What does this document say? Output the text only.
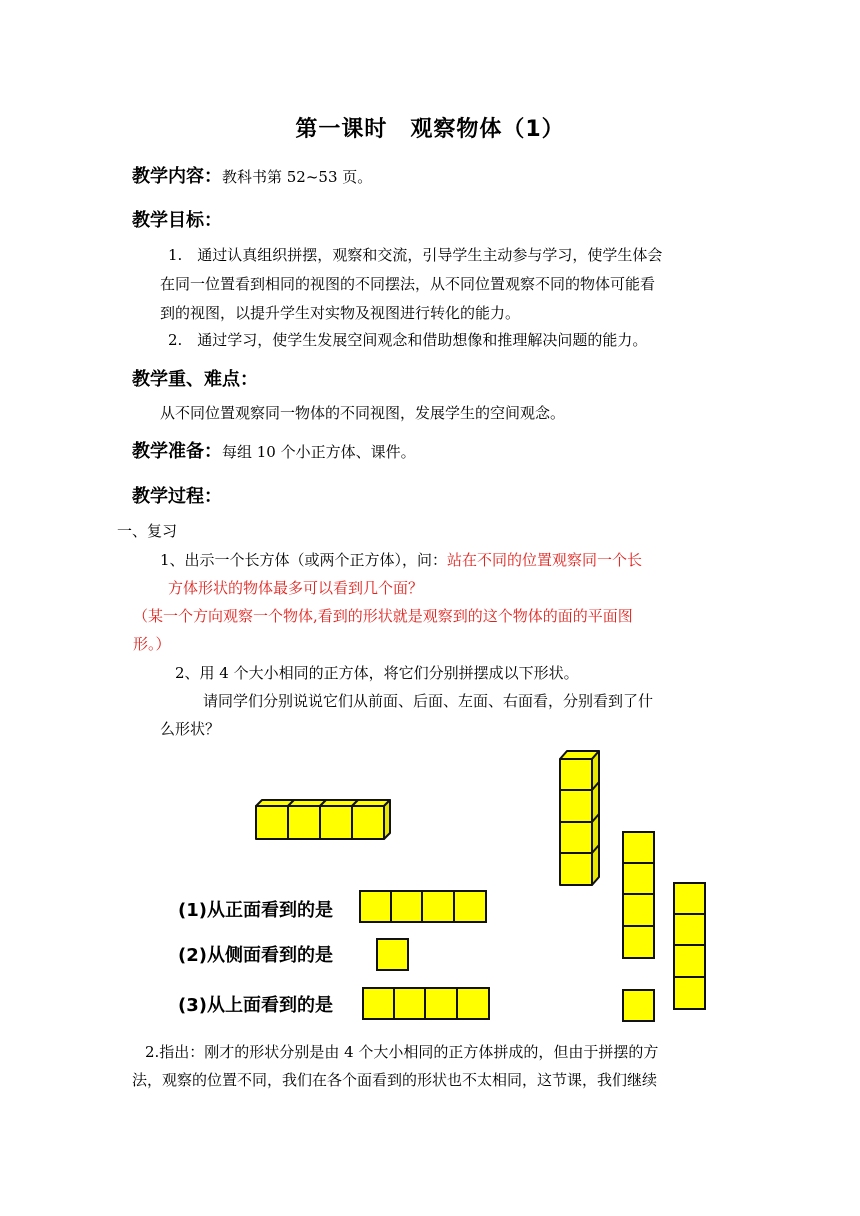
第一课时　观察物体（1）
教学内容：教科书第 52~53 页。
教学目标：
1.　通过认真组织拼摆，观察和交流，引导学生主动参与学习，使学生体会
在同一位置看到相同的视图的不同摆法，从不同位置观察不同的物体可能看
到的视图，以提升学生对实物及视图进行转化的能力。
2.　通过学习，使学生发展空间观念和借助想像和推理解决问题的能力。
教学重、难点：
从不同位置观察同一物体的不同视图，发展学生的空间观念。
教学准备：每组 10 个小正方体、课件。
教学过程：
一、复习
1、出示一个长方体（或两个正方体），问：站在不同的位置观察同一个长
方体形状的物体最多可以看到几个面？
（某一个方向观察一个物体,看到的形状就是观察到的这个物体的面的平面图
形。）
2、用 4 个大小相同的正方体，将它们分别拼摆成以下形状。
请同学们分别说说它们从前面、后面、左面、右面看，分别看到了什
么形状？
(1)从正面看到的是
(2)从侧面看到的是
(3)从上面看到的是
2.指出：刚才的形状分别是由 4 个大小相同的正方体拼成的，但由于拼摆的方
法，观察的位置不同，我们在各个面看到的形状也不太相同，这节课，我们继续
